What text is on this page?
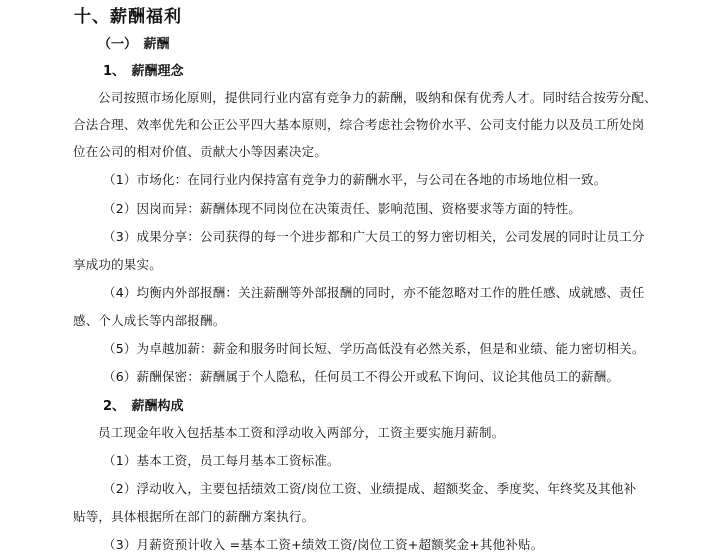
十、薪酬福利
（一）　薪酬
1、　薪酬理念
公司按照市场化原则，提供同行业内富有竞争力的薪酬，吸纳和保有优秀人才。同时结合按劳分配、
合法合理、效率优先和公正公平四大基本原则，综合考虑社会物价水平、公司支付能力以及员工所处岗
位在公司的相对价值、贡献大小等因素决定。
（1）市场化：在同行业内保持富有竞争力的薪酬水平，与公司在各地的市场地位相一致。
（2）因岗而异：薪酬体现不同岗位在决策责任、影响范围、资格要求等方面的特性。
（3）成果分享：公司获得的每一个进步都和广大员工的努力密切相关，公司发展的同时让员工分
享成功的果实。
（4）均衡内外部报酬：关注薪酬等外部报酬的同时，亦不能忽略对工作的胜任感、成就感、责任
感、个人成长等内部报酬。
（5）为卓越加薪：薪金和服务时间长短、学历高低没有必然关系，但是和业绩、能力密切相关。
（6）薪酬保密：薪酬属于个人隐私，任何员工不得公开或私下询问、议论其他员工的薪酬。
2、　薪酬构成
员工现金年收入包括基本工资和浮动收入两部分，工资主要实施月薪制。
（1）基本工资，员工每月基本工资标准。
（2）浮动收入，主要包括绩效工资/岗位工资、业绩提成、超额奖金、季度奖、年终奖及其他补
贴等，具体根据所在部门的薪酬方案执行。
（3）月薪资预计收入 =基本工资+绩效工资/岗位工资+超额奖金+其他补贴。
